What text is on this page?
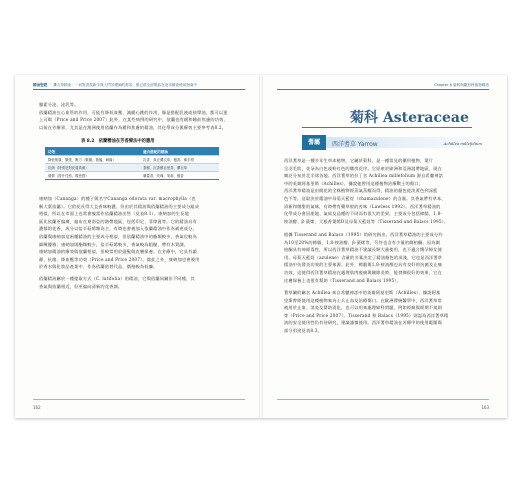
精油聖經 ｜ 薰衣草精油：一切對香氛新手與入門芳療師的需求，都已經全部集結在這本精油使用指南中
腺素分泌、泌乳等。
依蘭精油在心血管的作用，可能有降低血壓、減緩心跳的作用，像是搭配乳液或按摩油，都可以達
上可喝（Price and Price 2007）此外，在某些病例的研究中，依蘭也有緩和睡前焦慮的功效，
以前在芳療界，尤其是在澳洲使用依蘭作為緩和焦慮的精油，其化學成分與療效主要參考表8.2。
表 8.2　依蘭精油在芳香療法中的應用
功效	適合搭配的精油
降低焦慮、緊張、壓力（緊繃、抽搐、刺痛）	乳香、真正薰衣草、檀香、佛手柑
抗菌（特別是對皮膚真菌）	茶樹、沉香醇百里香、薰衣草
催情（提升性慾、親密感）	廣藿香、玫瑰、茉莉、檀香
康納加（Cananga）的種子與名字Cananga odorata var. macrophylla（也
稱大葉依蘭）。它的花長得大且香味較濃，但由於其精油與依蘭精油的主要成分組成
相似，所以在市面上也常會被當作依蘭精油出售（見表8.1）。康納加的生長地
區比依蘭更偏廣，遍布在東南亞的熱帶地區，包括印尼、菲律賓等。它的精油具有
濃郁的花香，成分以倍半萜烯類為主，有時也會被加入依蘭精油中作為補充成分。
依蘭與康納加這兩種精油的主要成分相似，但依蘭精油中的酯類較多，香氣也較為
細緻優雅；康納加則酯類較少，倍半萜烯較多，香氣較為粗糙、帶有木質調。
康納加精油的療效與依蘭相似，但較常用於頭髮與皮膚保養。在芳療中，它具有鎮
靜、抗菌、降血壓等功效（Price and Price 2007）。除此之外，康納加也會被用
於香水與化妝品產業中，作為依蘭的替代品，價格較為低廉。
依蘭精油屬於一種提取方式（C. latifolia）的精油，它與依蘭同屬但不同種，其
香氣與依蘭相近，但更偏向清新的花香調。
162
Chapter 8 菊科與繖形科植物精油
菊科 Asteraceae
蓍屬	西洋蓍草 Yarrow	Achillea millefolium
西洋蓍草是一種多年生草本植物，它屬於菊科，是一種常見的藥用植物，葉片
呈羽毛狀，花朵為白色或粉紅色的繖房花序。它原產於歐洲和亞洲溫帶地區，現在
廣泛分布於北半球各地。西洋蓍草的拉丁名 Achillea millefolium 源自希臘神話
中的英雄阿基里斯（Achilles），據說他曾用這種植物治療戰士的傷口。
西洋蓍草精油是由開花的全株植物經蒸氣蒸餾而得，精油的顏色從淡黃色到深藍
色不等，這取決於精油中母菊天藍烴（chamazulene）的含量。其香氣帶有草本、
清新和微甜的氣味，有時帶有藥草般的苦味（Lawless 1992）。西洋蓍草精油的
化學成分會因產地、氣候及品種的不同而有很大的差異，主要成分包括樟腦、1,8-
桉油醇、β-蒎烯、大根香葉烯D及母菊天藍烴等（Tisserand and Balacs 1995）。
根據 Tisserand and Balacs（1995）的研究指出，西洋蓍草精油的主要成分約
為10至20%的樟腦、1,8-桉油醇、β-蒎烯等，另外也含有少量的側柏酮。因為側
柏酮具有神經毒性，所以西洋蓍草精油不建議長期大量使用，也不適合懷孕婦女使
用。母菊天藍烴（azulene）含量的多寡決定了精油顏色的深淺，它也是西洋蓍草
精油中抗發炎功效的主要來源。此外，樟腦與1,8-桉油醇也具有良好的抗菌及止痛
功效，這使得西洋蓍草精油在處理肌肉痠痛與關節炎時，能發揮很好的效果，它在
皮膚保養上也很有幫助（Tisserand and Balacs 1995）。
蓍草屬的屬名 Achillea 來自希臘神話中的英雄阿基里斯（Achilles），據說阿基
里斯曾經使用這種植物來為士兵止血及治療傷口。在歐洲傳統醫學中，西洋蓍草常
被用於止血、消炎及幫助消化，也可以用來處理婦科問題，例如經痛與經期不規則
等（Price and Price 2007）。Tisserand 和 Balacs（1995）則認為西洋蓍草精
油的安全使用性仍有待研究，建議謹慎使用。西洋蓍草精油在芳療中的使用範圍與
部分用途見表8.3。
163
